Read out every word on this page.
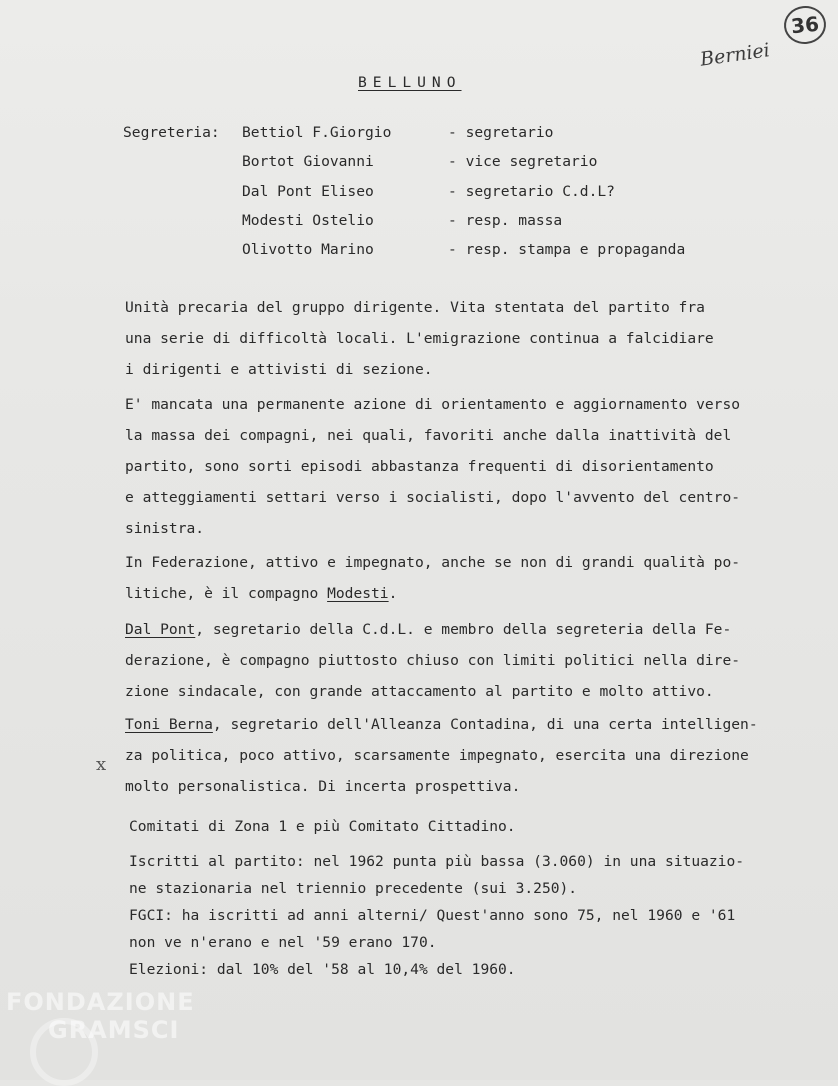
36
Berniei
BELLUNO
Segreteria: Bettiol F.Giorgio	- segretario
Bortot Giovanni	- vice segretario
Dal Pont Eliseo	- segretario C.d.L?
Modesti Ostelio	- resp. massa
Olivotto Marino	- resp. stampa e propaganda
Unità precaria del gruppo dirigente. Vita stentata del partito fra
una serie di difficoltà locali. L'emigrazione continua a falcidiare
i dirigenti e attivisti di sezione.
E' mancata una permanente azione di orientamento e aggiornamento verso
la massa dei compagni, nei quali, favoriti anche dalla inattività del
partito, sono sorti episodi abbastanza frequenti di disorientamento
e atteggiamenti settari verso i socialisti, dopo l'avvento del centro-
sinistra.
In Federazione, attivo e impegnato, anche se non di grandi qualità po-
litiche, è il compagno Modesti.
Dal Pont, segretario della C.d.L. e membro della segreteria della Fe-
derazione, è compagno piuttosto chiuso con limiti politici nella dire-
zione sindacale, con grande attaccamento al partito e molto attivo.
Toni Berna, segretario dell'Alleanza Contadina, di una certa intelligen-
za politica, poco attivo, scarsamente impegnato, esercita una direzione
molto personalistica. Di incerta prospettiva.
x
Comitati di Zona 1 e più Comitato Cittadino.
Iscritti al partito: nel 1962 punta più bassa (3.060) in una situazio-
ne stazionaria nel triennio precedente (sui 3.250).
FGCI: ha iscritti ad anni alterni/ Quest'anno sono 75, nel 1960 e '61
non ve n'erano e nel '59 erano 170.
Elezioni: dal 10% del '58 al 10,4% del 1960.
FONDAZIONE
GRAMSCI
